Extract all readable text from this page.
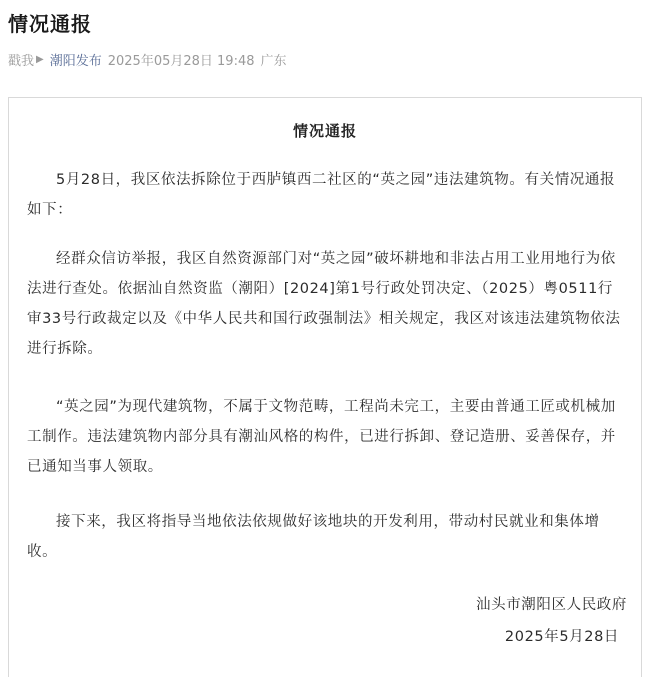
情况通报
戳我 ▶ 潮阳发布 2025年05月28日 19:48 广东
情况通报
5月28日，我区依法拆除位于西胪镇西二社区的“英之园”违法建筑物。有关情况通报如下：
经群众信访举报，我区自然资源部门对“英之园”破坏耕地和非法占用工业用地行为依法进行查处。依据汕自然资监（潮阳）[2024]第1号行政处罚决定、（2025）粤0511行审33号行政裁定以及《中华人民共和国行政强制法》相关规定，我区对该违法建筑物依法进行拆除。
“英之园”为现代建筑物，不属于文物范畴，工程尚未完工，主要由普通工匠或机械加工制作。违法建筑物内部分具有潮汕风格的构件，已进行拆卸、登记造册、妥善保存，并已通知当事人领取。
接下来，我区将指导当地依法依规做好该地块的开发利用，带动村民就业和集体增收。
汕头市潮阳区人民政府
2025年5月28日
